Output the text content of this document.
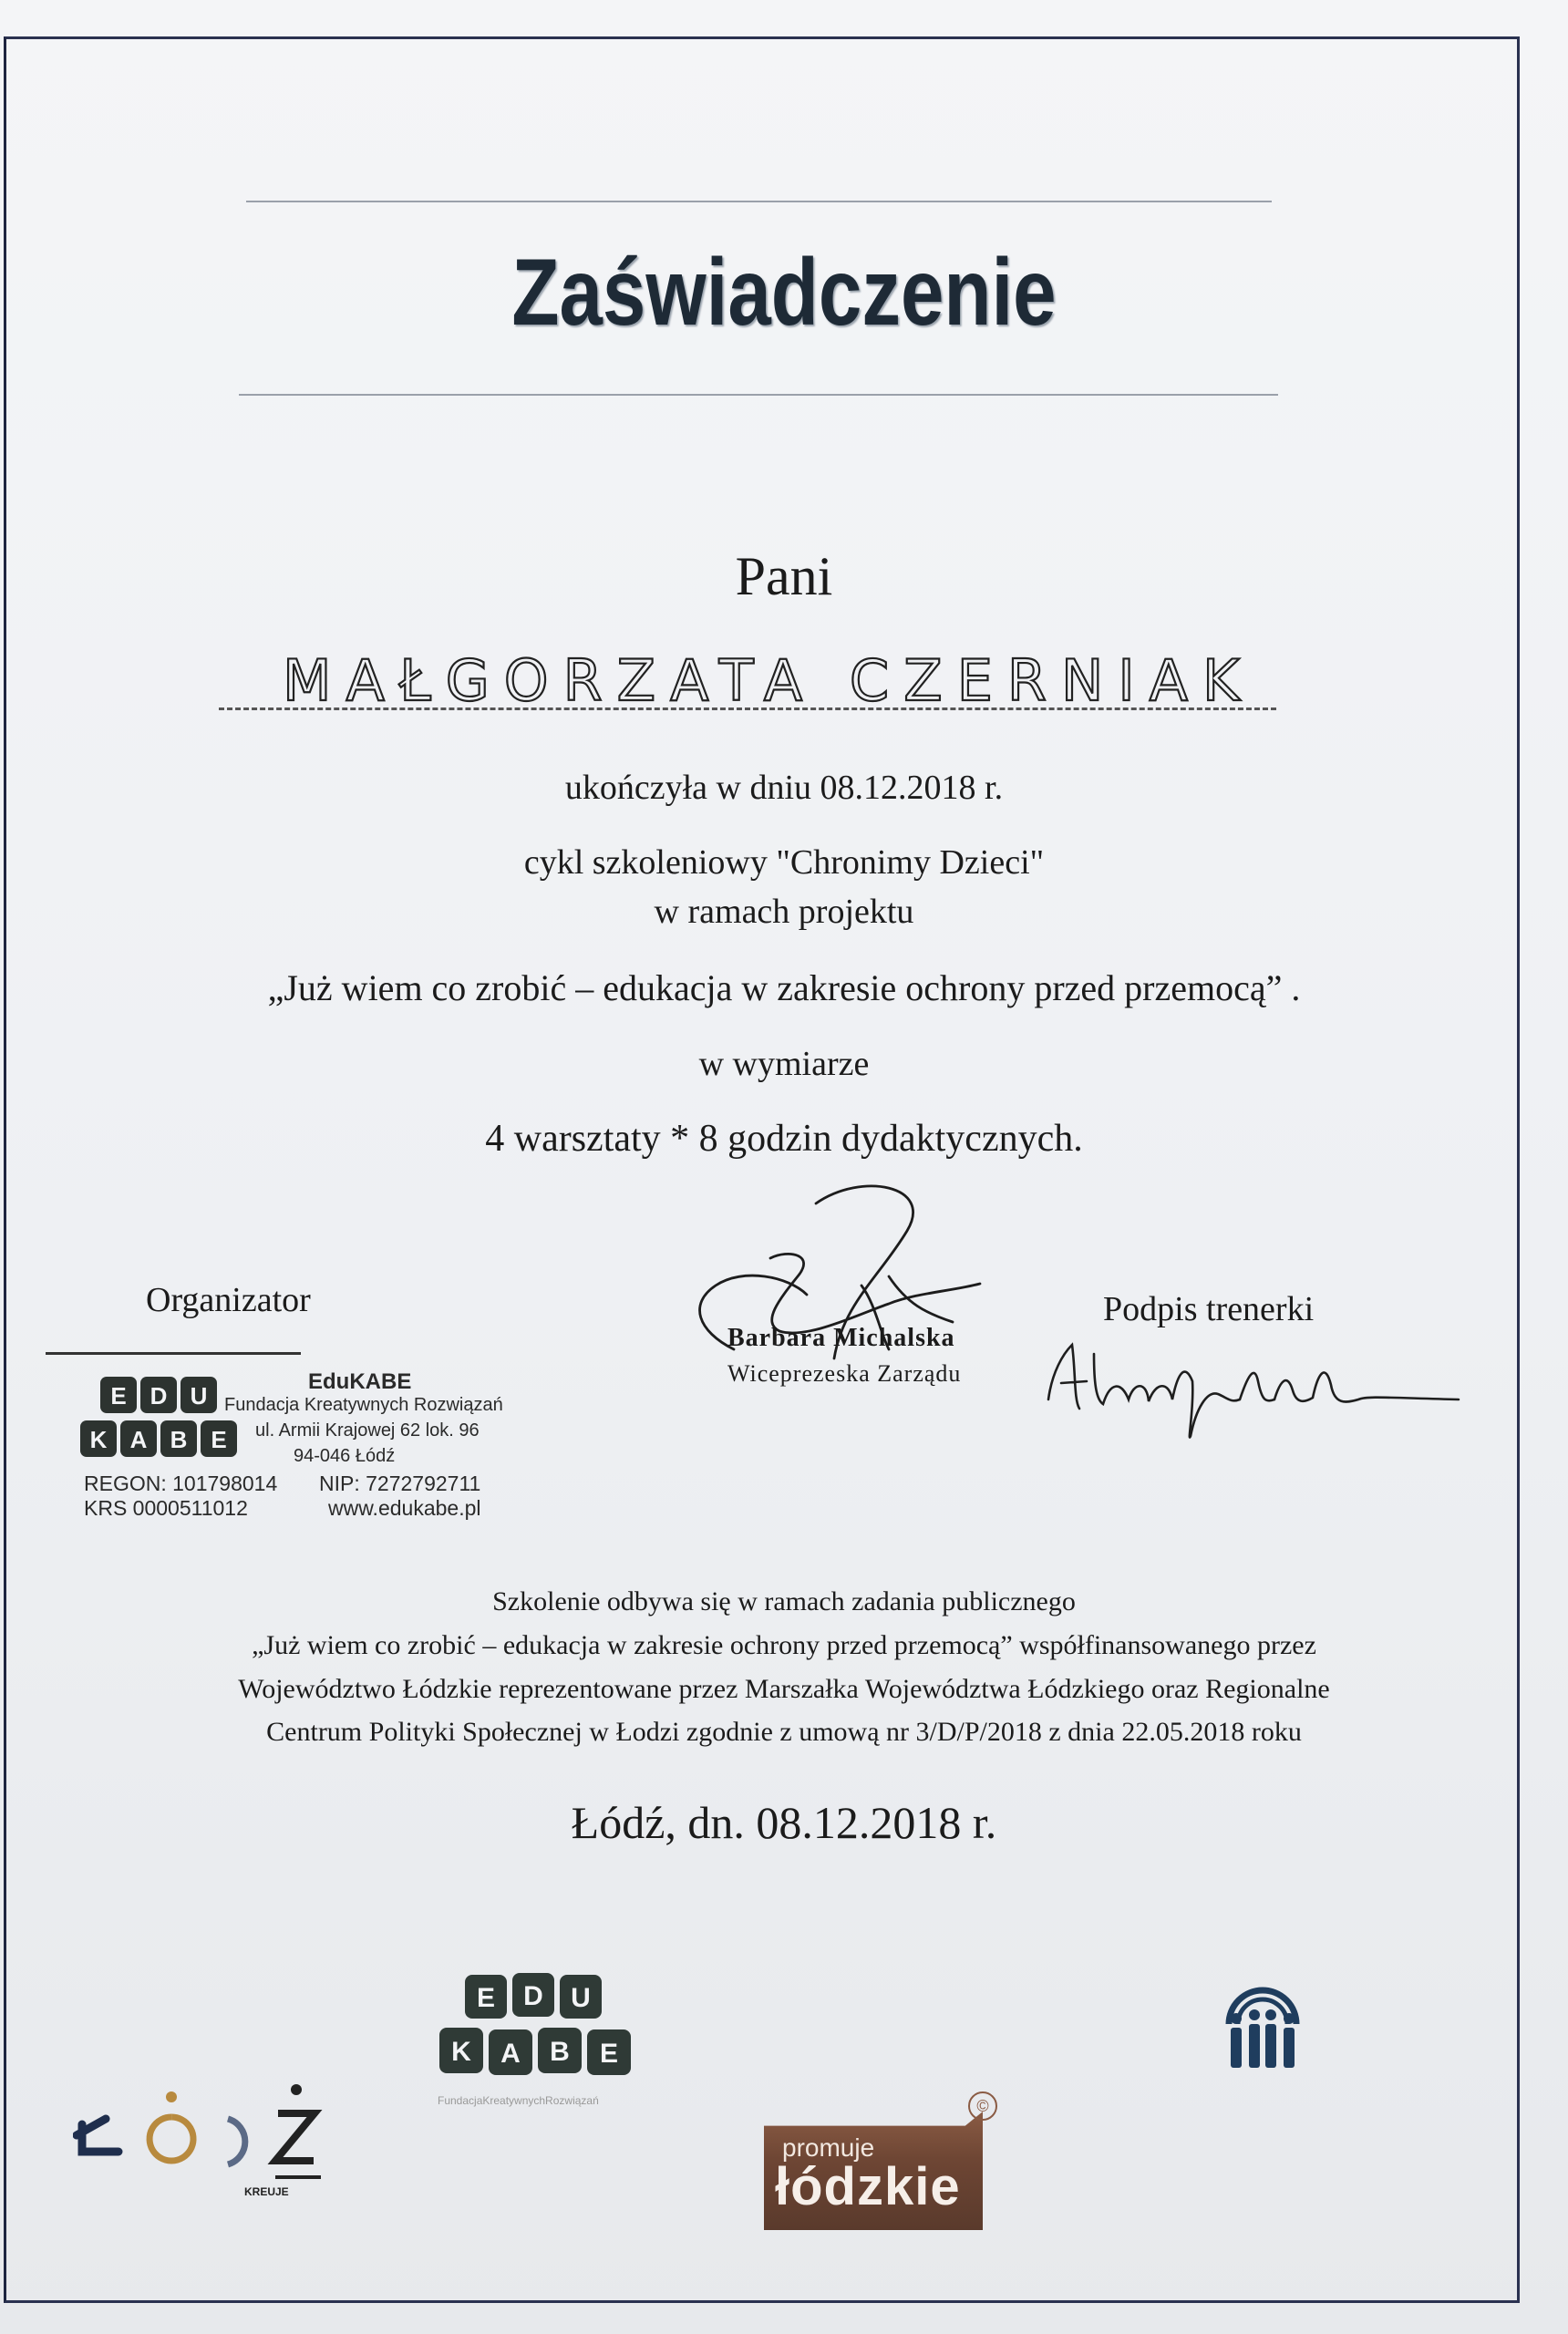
Zaświadczenie
Pani
MAŁGORZATA CZERNIAK
ukończyła w dniu 08.12.2018 r.
cykl szkoleniowy "Chronimy Dzieci"
w ramach projektu
„Już wiem co zrobić – edukacja w zakresie ochrony przed przemocą” .
w wymiarze
4 warsztaty * 8 godzin dydaktycznych.
Organizator
E D U
K A B E
EduKABE
Fundacja Kreatywnych Rozwiązań
ul. Armii Krajowej 62 lok. 96
94-046 Łódź
REGON: 101798014 NIP: 7272792711
KRS 0000511012	www.edukabe.pl
Barbara Michalska
Wiceprezeska Zarządu
Podpis trenerki
Szkolenie odbywa się w ramach zadania publicznego
„Już wiem co zrobić – edukacja w zakresie ochrony przed przemocą” współfinansowanego przez
Województwo Łódzkie reprezentowane przez Marszałka Województwa Łódzkiego oraz Regionalne
Centrum Polityki Społecznej w Łodzi zgodnie z umową nr 3/D/P/2018 z dnia 22.05.2018 roku
Łódź, dn. 08.12.2018 r.
KREUJE
E D U
K A B E
FundacjaKreatywnychRozwiązań
promuje
łódzkie
©
